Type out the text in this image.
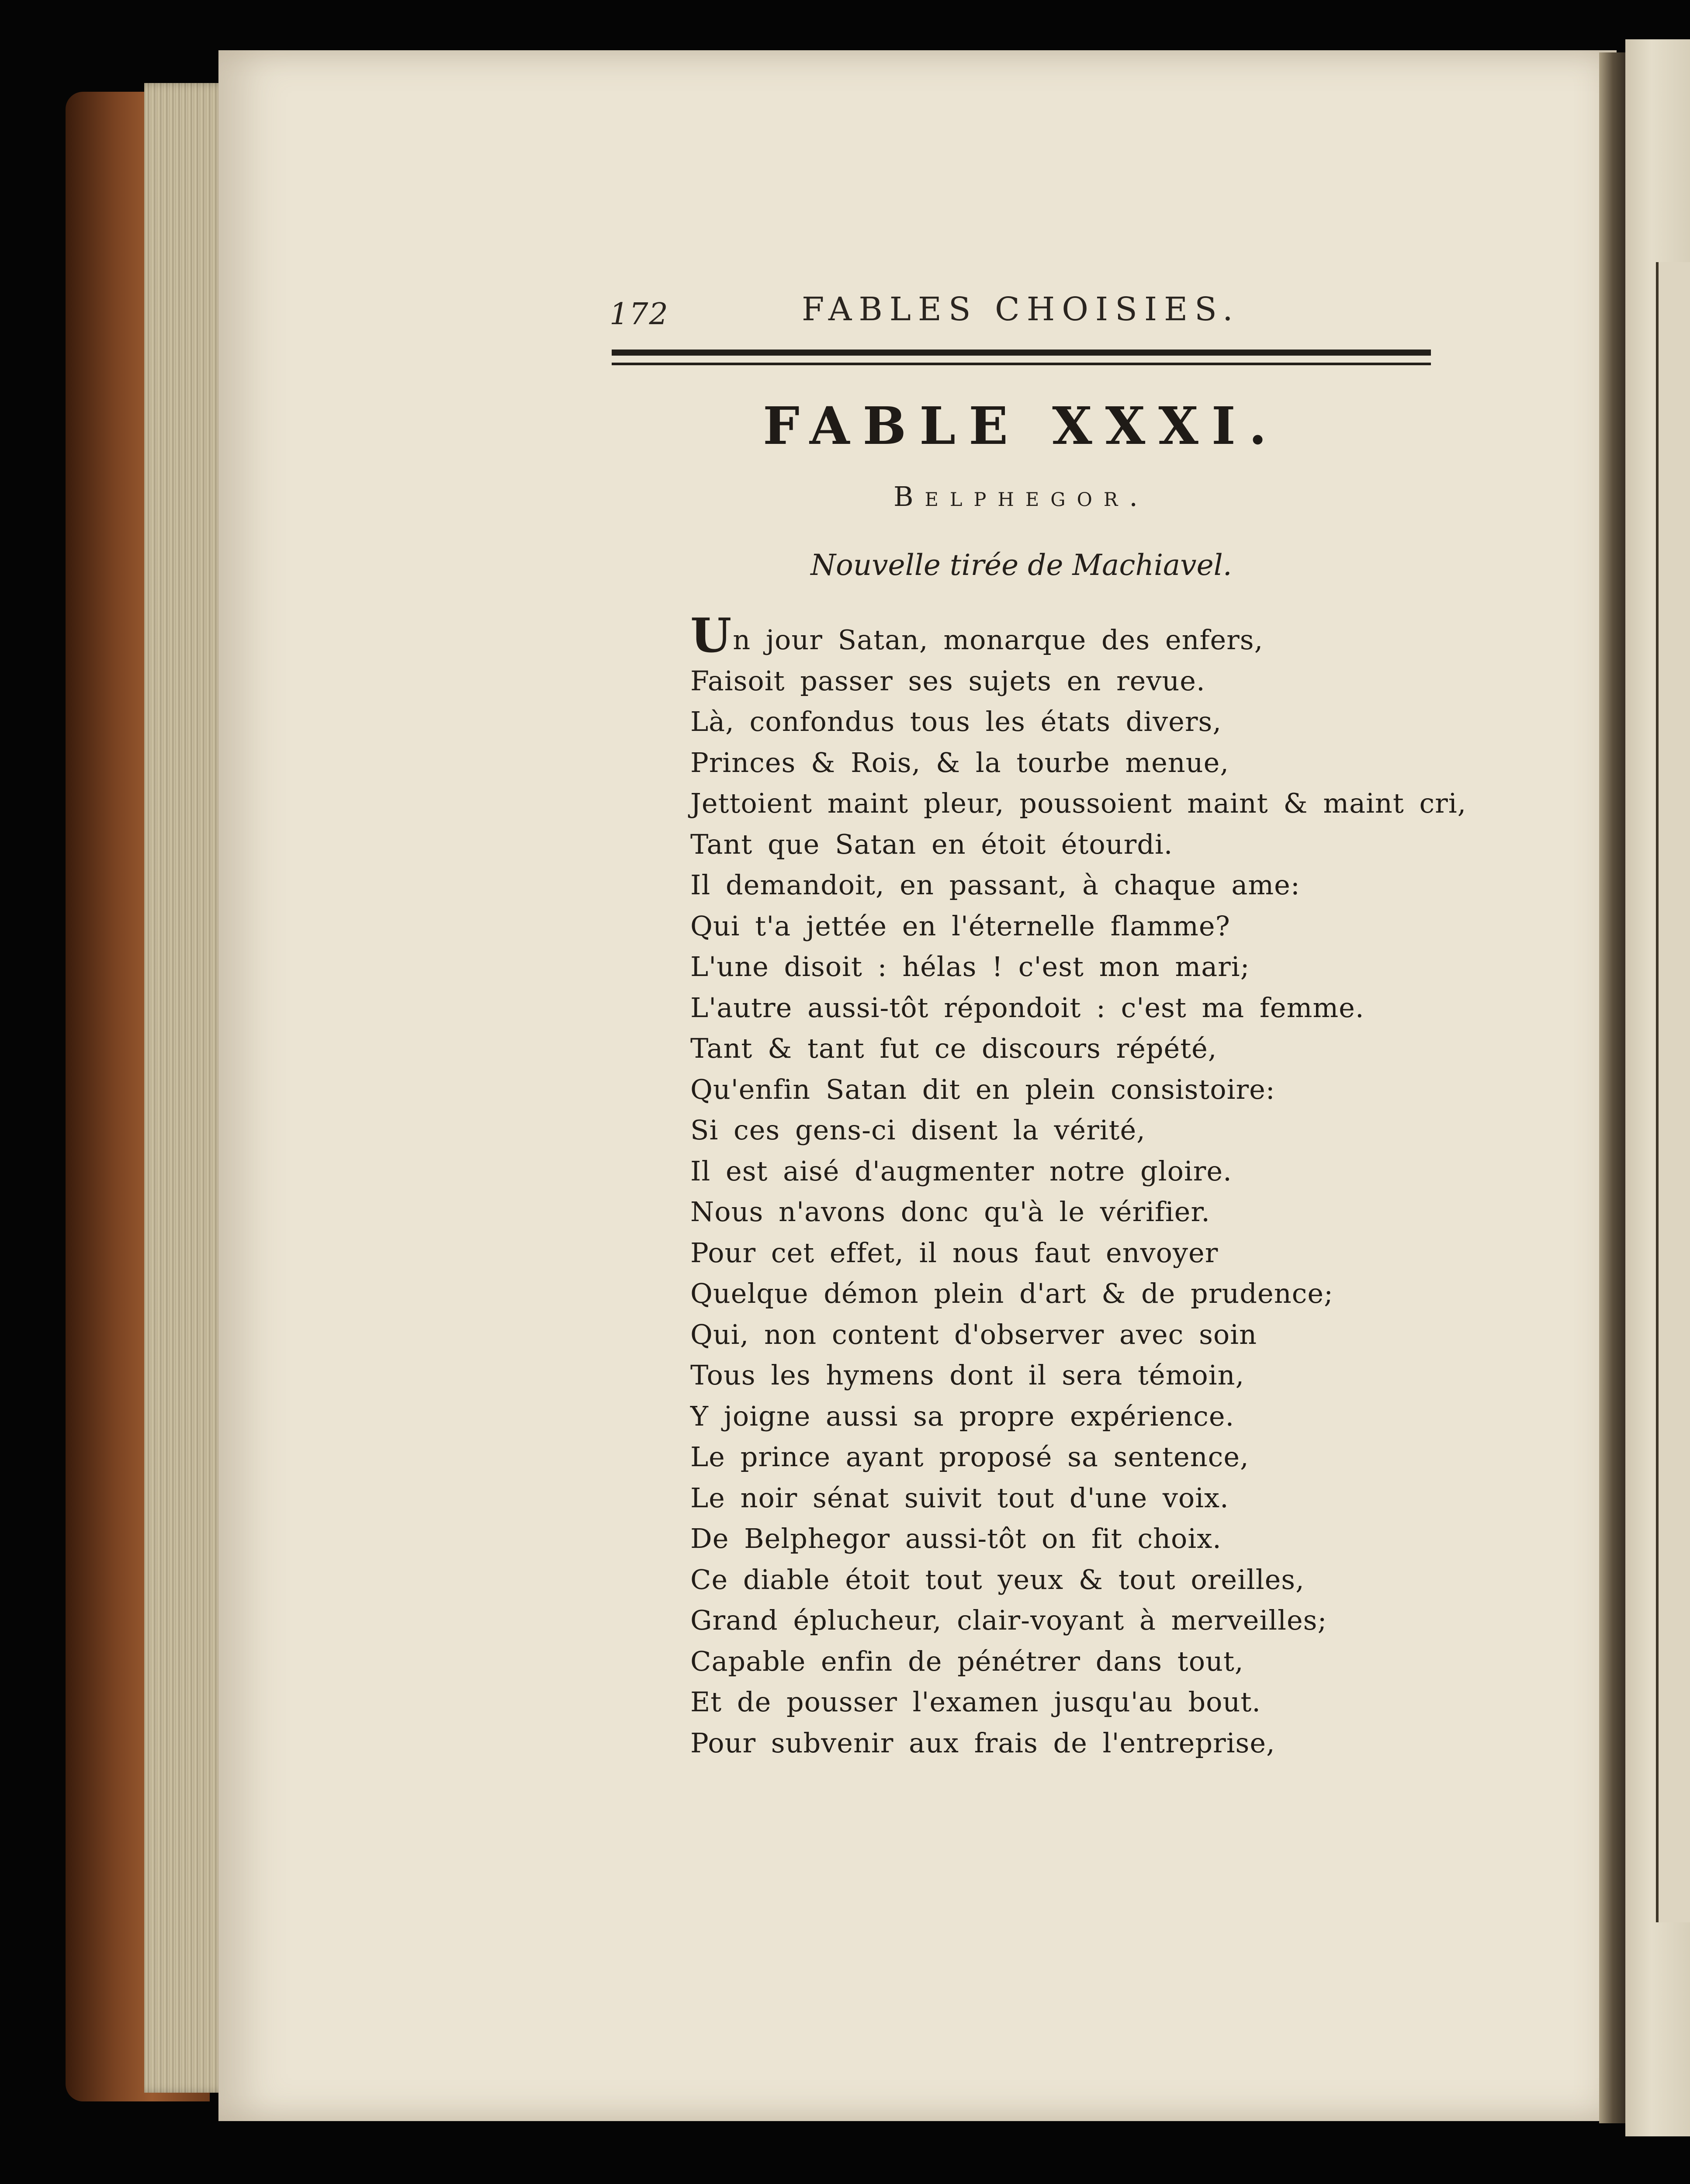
172	FABLES CHOISIES.
FABLE XXXI.
Belphegor.
Nouvelle tirée de Machiavel.
Un jour Satan, monarque des enfers,
Faisoit passer ses sujets en revue.
Là, confondus tous les états divers,
Princes & Rois, & la tourbe menue,
Jettoient maint pleur, poussoient maint & maint cri,
Tant que Satan en étoit étourdi.
Il demandoit, en passant, à chaque ame:
Qui t'a jettée en l'éternelle flamme?
L'une disoit : hélas ! c'est mon mari;
L'autre aussi-tôt répondoit : c'est ma femme.
Tant & tant fut ce discours répété,
Qu'enfin Satan dit en plein consistoire:
Si ces gens-ci disent la vérité,
Il est aisé d'augmenter notre gloire.
Nous n'avons donc qu'à le vérifier.
Pour cet effet, il nous faut envoyer
Quelque démon plein d'art & de prudence;
Qui, non content d'observer avec soin
Tous les hymens dont il sera témoin,
Y joigne aussi sa propre expérience.
Le prince ayant proposé sa sentence,
Le noir sénat suivit tout d'une voix.
De Belphegor aussi-tôt on fit choix.
Ce diable étoit tout yeux & tout oreilles,
Grand éplucheur, clair-voyant à merveilles;
Capable enfin de pénétrer dans tout,
Et de pousser l'examen jusqu'au bout.
Pour subvenir aux frais de l'entreprise,
